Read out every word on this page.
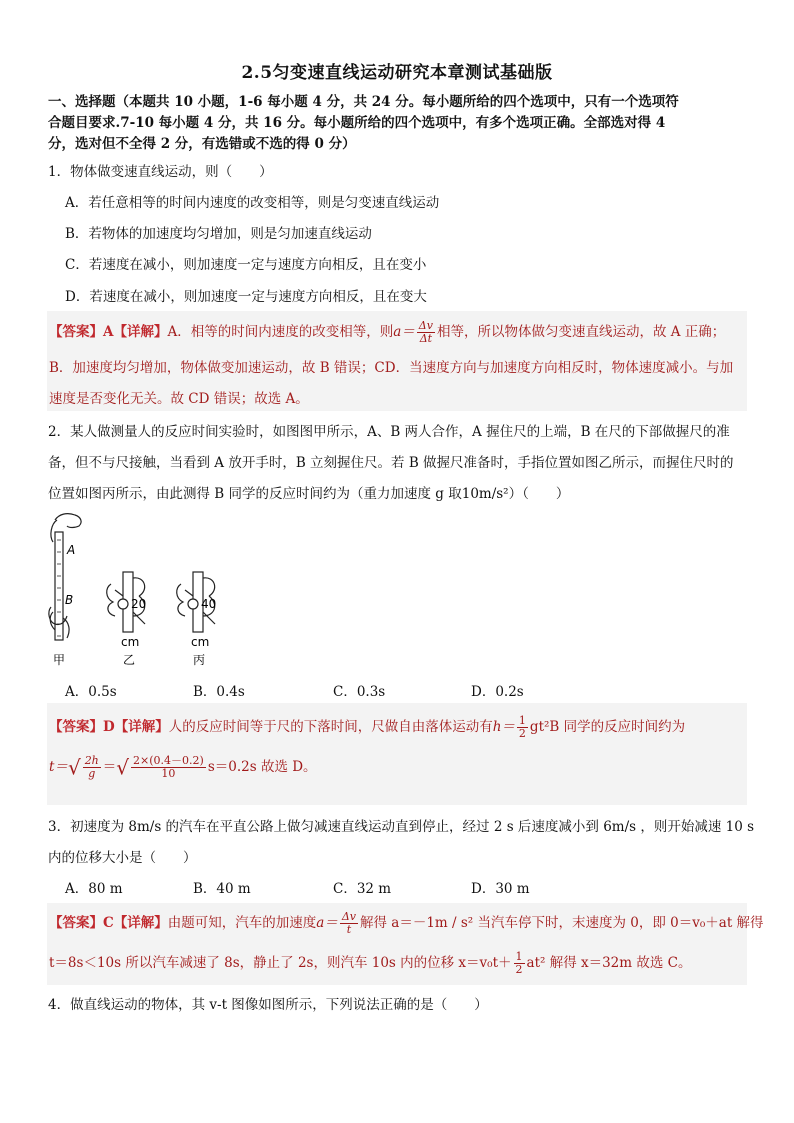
2.5匀变速直线运动研究本章测试基础版
一、选择题（本题共 10 小题，1-6 每小题 4 分，共 24 分。每小题所给的四个选项中，只有一个选项符
合题目要求.7-10 每小题 4 分，共 16 分。每小题所给的四个选项中，有多个选项正确。全部选对得 4
分，选对但不全得 2 分，有选错或不选的得 0 分）
1．物体做变速直线运动，则（　　）
A．若任意相等的时间内速度的改变相等，则是匀变速直线运动
B．若物体的加速度均匀增加，则是匀加速直线运动
C．若速度在减小，则加速度一定与速度方向相反，且在变小
D．若速度在减小，则加速度一定与速度方向相反，且在变大
【答案】A【详解】A．相等的时间内速度的改变相等，则$a= \frac{\Delta v}{\Delta t}$ 相等，所以物体做匀变速直线运动，故 A 正确；
B．加速度均匀增加，物体做变加速运动，故 B 错误；CD．当速度方向与加速度方向相反时，物体速度减小。与加
速度是否变化无关。故 CD 错误；故选 A。
2．某人做测量人的反应时间实验时，如图图甲所示，A、B 两人合作，A 握住尺的上端，B 在尺的下部做握尺的准
备，但不与尺接触，当看到 A 放开手时，B 立刻握住尺。若 B 做握尺准备时，手指位置如图乙所示，而握住尺时的
位置如图丙所示，由此测得 B 同学的反应时间约为（重力加速度 g 取10m/s²）（　　）
A
B
甲
20
cm
乙
40
cm
丙
A．0.5s	B．0.4s	C．0.3s	D．0.2s
【答案】D【详解】人的反应时间等于尺的下落时间，尺做自由落体运动有$h= \frac{1}{2} gt^2B$ 同学的反应时间约为
$t=√ \frac{2h}{g}$ ＝√ $\frac{2\times(0.4-0.2)}{10} s=0.2s$ 故选 D。
3．初速度为 8m/s 的汽车在平直公路上做匀减速直线运动直到停止，经过 2 s 后速度减小到 6m/s ，则开始减速 10 s
内的位移大小是（　　）
A．80 m	B．40 m	C．32 m	D．30 m
【答案】C【详解】由题可知，汽车的加速度$a= \frac{\Delta v}{t}$ 解得 a＝－1m / s² 当汽车停下时，末速度为 0，即 0＝v₀＋at 解得
t＝8s＜10s 所以汽车减速了 8s，静止了 2s，则汽车 10s 内的位移 $x=v_0t+ \frac{1}{2} at^2$ 解得 x＝32m 故选 C。
4．做直线运动的物体，其 v-t 图像如图所示，下列说法正确的是（　　）
